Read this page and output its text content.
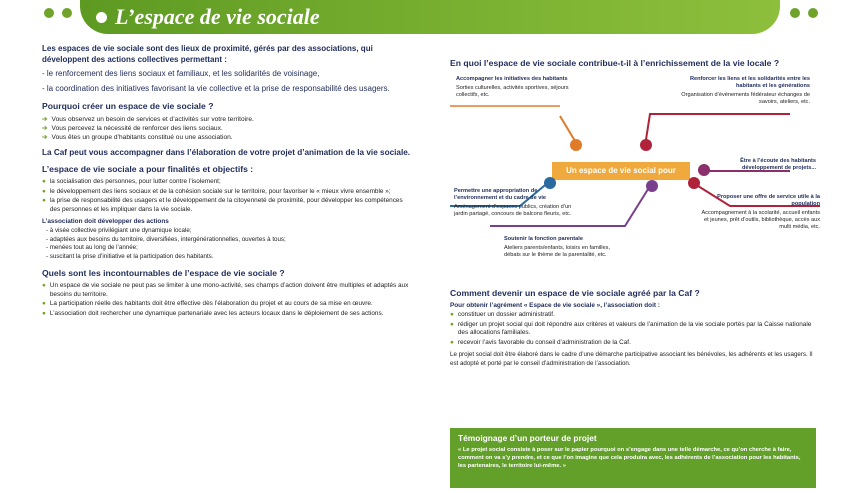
L’espace de vie sociale
Les espaces de vie sociale sont des lieux de proximité, gérés par des associations, qui développent des actions collectives permettant :
- le renforcement des liens sociaux et familiaux, et les solidarités de voisinage,
- la coordination des initiatives favorisant la vie collective et la prise de responsabilité des usagers.
Pourquoi créer un espace de vie sociale ?
➔ Vous observez un besoin de services et d’activités sur votre territoire.
➔ Vous percevez la nécessité de renforcer des liens sociaux.
➔ Vous êtes un groupe d’habitants constitué ou une association.
La Caf peut vous accompagner dans l’élaboration de votre projet d’animation de la vie sociale.
L’espace de vie sociale a pour finalités et objectifs :
● la socialisation des personnes, pour lutter contre l’isolement;
● le développement des liens sociaux et de la cohésion sociale sur le territoire, pour favoriser le « mieux vivre ensemble »;
● la prise de responsabilité des usagers et le développement de la citoyenneté de proximité, pour développer les compétences des personnes et les impliquer dans la vie sociale.
L’association doit développer des actions
- à visée collective privilégiant une dynamique locale;
- adaptées aux besoins du territoire, diversifiées, intergénérationnelles, ouvertes à tous;
- menées tout au long de l’année;
- suscitant la prise d’initiative et la participation des habitants.
Quels sont les incontournables de l’espace de vie sociale ?
● Un espace de vie sociale ne peut pas se limiter à une mono-activité, ses champs d’action doivent être multiples et adaptés aux besoins du territoire.
● La participation réelle des habitants doit être effective dès l’élaboration du projet et au cours de sa mise en œuvre.
● L’association doit rechercher une dynamique partenariale avec les acteurs locaux dans le déploiement de ses actions.
En quoi l’espace de vie sociale contribue-t-il à l’enrichissement de la vie locale ?
Accompagner les initiatives des habitants
Sorties culturelles, activités sportives, séjours collectifs, etc.
Renforcer les liens et les solidarités entre les habitants et les générations
Organisation d’événements fédérateur échanges de savoirs, ateliers, etc.
Être à l’écoute des habitants développement de projets...
Un espace de vie social pour
Permettre une appropriation de l’environnement et du cadre de vie
Aménagement d’espaces publics, création d’un jardin partagé, concours de balcons fleuris, etc.
Proposer une offre de service utile à la population
Accompagnement à la scolarité, accueil enfants et jeunes, prêt d’outils, bibliothèque, accès aux multi média, etc.
Soutenir la fonction parentale
Ateliers parents/enfants, loisirs en familles, débats sur le thème de la parentalité, etc.
Comment devenir un espace de vie sociale agréé par la Caf ?
Pour obtenir l’agrément « Espace de vie sociale », l’association doit :
● constituer un dossier administratif.
● rédiger un projet social qui doit répondre aux critères et valeurs de l’animation de la vie sociale portés par la Caisse nationale des allocations familiales.
● recevoir l’avis favorable du conseil d’administration de la Caf.
Le projet social doit être élaboré dans le cadre d’une démarche participative associant les bénévoles, les adhérents et les usagers. Il est adopté et porté par le conseil d’administration de l’association.
Témoignage d’un porteur de projet
« Le projet social consiste à poser sur le papier pourquoi on s’engage dans une telle démarche, ce qu’on cherche à faire, comment on va s’y prendre, et ce que l’on imagine que cela produira avec, les adhérents de l’association pour les habitants, les partenaires, le territoire lui-même. »
